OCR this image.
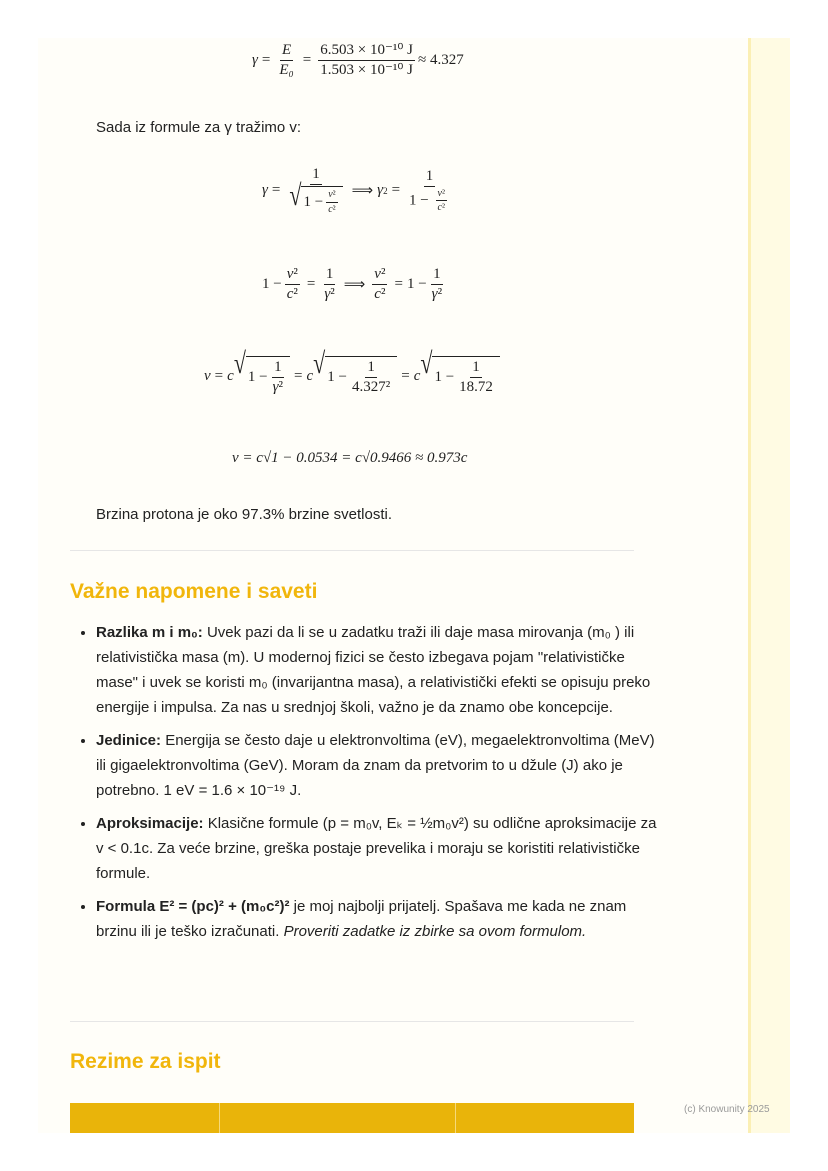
$\gamma = \frac{E}{\text{E₀}} = \frac{\text{6.503 × 10⁻¹⁰ J}}{\text{1.503 × 10⁻¹⁰ J}} \approx 4.327$
Sada iz formule za γ tražimo v:
$\gamma = \frac{1}{√ 1 - \frac{\text{v²}}{\text{c²}}}$ ⟹ γ $2 = \frac{1}{1 - \frac{\text{v²}}{\text{c²}}}$
$1 - \frac{\text{v²}}{\text{c²}} = \frac{1}{\text{γ²}}$ ⟹ $\frac{\text{v²}}{\text{c²}} = 1 - \frac{1}{\text{γ²}}$
v = c √ $1 - \frac{1}{\text{γ²}} = c$ √ $1 - \frac{1}{\text{4.327²}} = c$ √ $1 - \frac{1}{18.72}$
v = c√1 − 0.0534 = c√0.9466 ≈ 0.973c
Brzina protona je oko 97.3% brzine svetlosti.
Važne napomene i saveti
• Razlika m i m₀: Uvek pazi da li se u zadatku traži ili daje masa mirovanja (m₀ ) ili relativistička masa (m). U modernoj fizici se često izbegava pojam "relativističke mase" i uvek se koristi m₀ (invarijantna masa), a relativistički efekti se opisuju preko energije i impulsa. Za nas u srednjoj školi, važno je da znamo obe koncepcije.
• Jedinice: Energija se često daje u elektronvoltima (eV), megaelektronvoltima (MeV) ili gigaelektronvoltima (GeV). Moram da znam da pretvorim to u džule (J) ako je potrebno. 1 eV = 1.6 × 10⁻¹⁹ J.
• Aproksimacije: Klasične formule (p = m₀v, Eₖ = ½m₀v²) su odlične aproksimacije za v < 0.1c. Za veće brzine, greška postaje prevelika i moraju se koristiti relativističke formule.
• Formula E² = (pc)² + (m₀c²)² je moj najbolji prijatelj. Spašava me kada ne znam brzinu ili je teško izračunati. Proveriti zadatke iz zbirke sa ovom formulom.
Rezime za ispit
(c) Knowunity 2025
